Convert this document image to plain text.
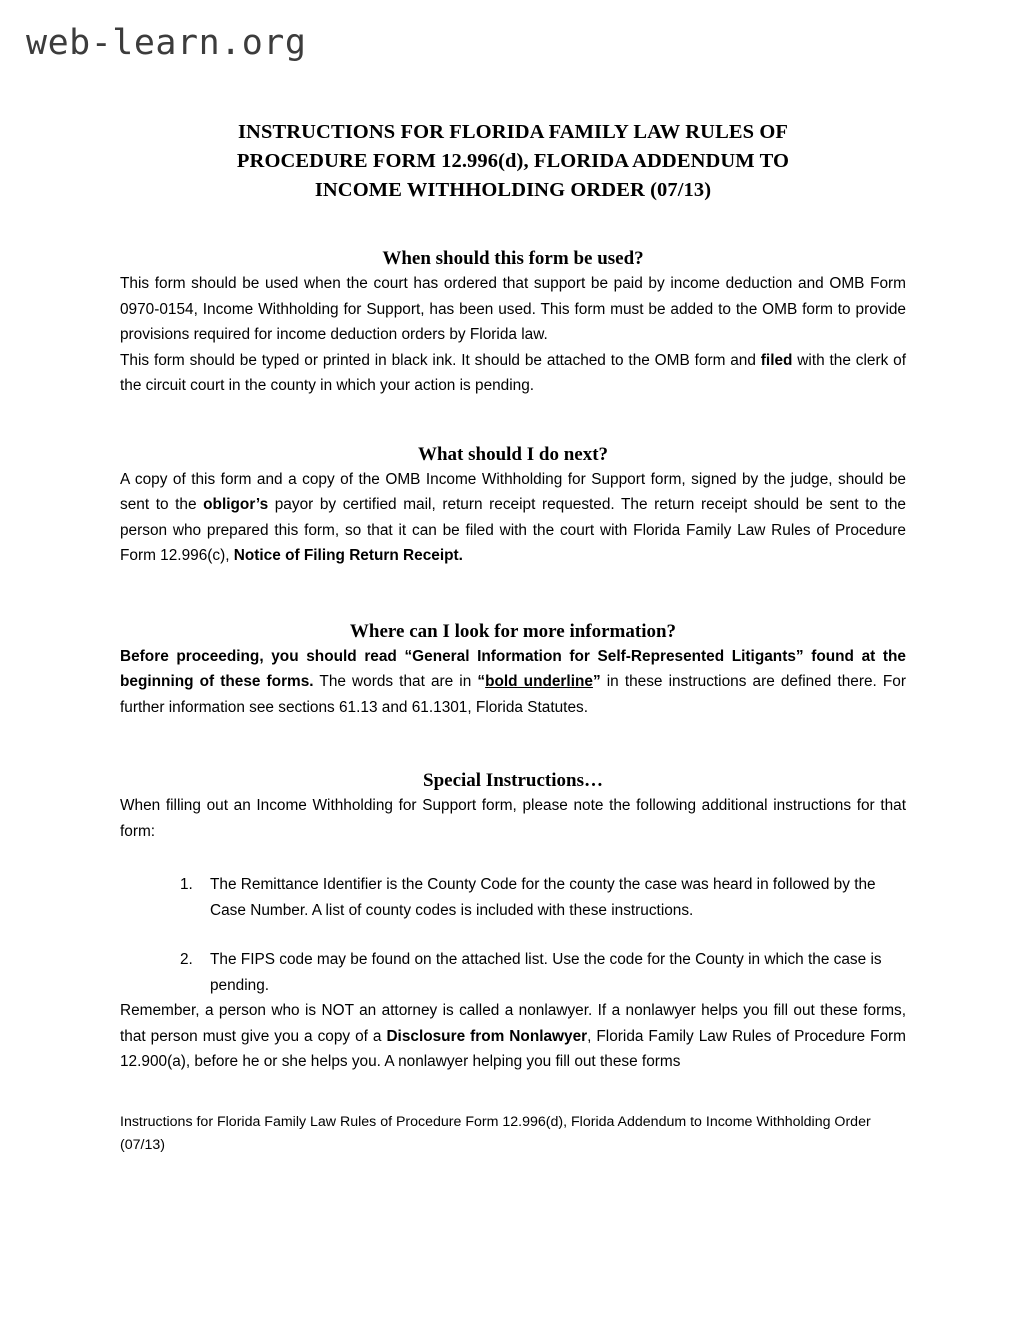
web-learn.org
INSTRUCTIONS FOR FLORIDA FAMILY LAW RULES OF
PROCEDURE FORM 12.996(d), FLORIDA ADDENDUM TO
INCOME WITHHOLDING ORDER (07/13)
When should this form be used?

This form should be used when the court has ordered that support be paid by income deduction and OMB Form 0970-0154, Income Withholding for Support, has been used. This form must be added to the OMB form to provide provisions required for income deduction orders by Florida law.

This form should be typed or printed in black ink. It should be attached to the OMB form and filed with the clerk of the circuit court in the county in which your action is pending.

What should I do next?

A copy of this form and a copy of the OMB Income Withholding for Support form, signed by the judge, should be sent to the obligor’s payor by certified mail, return receipt requested. The return receipt should be sent to the person who prepared this form, so that it can be filed with the court with Florida Family Law Rules of Procedure Form 12.996(c), Notice of Filing Return Receipt.

Where can I look for more information?

Before proceeding, you should read “General Information for Self-Represented Litigants” found at the beginning of these forms. The words that are in “bold underline” in these instructions are defined there. For further information see sections 61.13 and 61.1301, Florida Statutes.

Special Instructions…

When filling out an Income Withholding for Support form, please note the following additional instructions for that form:

1. The Remittance Identifier is the County Code for the county the case was heard in followed by the Case Number. A list of county codes is included with these instructions.
2. The FIPS code may be found on the attached list. Use the code for the County in which the case is pending.

Remember, a person who is NOT an attorney is called a nonlawyer. If a nonlawyer helps you fill out these forms, that person must give you a copy of a Disclosure from Nonlawyer, Florida Family Law Rules of Procedure Form 12.900(a), before he or she helps you. A nonlawyer helping you fill out these forms

Instructions for Florida Family Law Rules of Procedure Form 12.996(d), Florida Addendum to Income Withholding Order (07/13)
